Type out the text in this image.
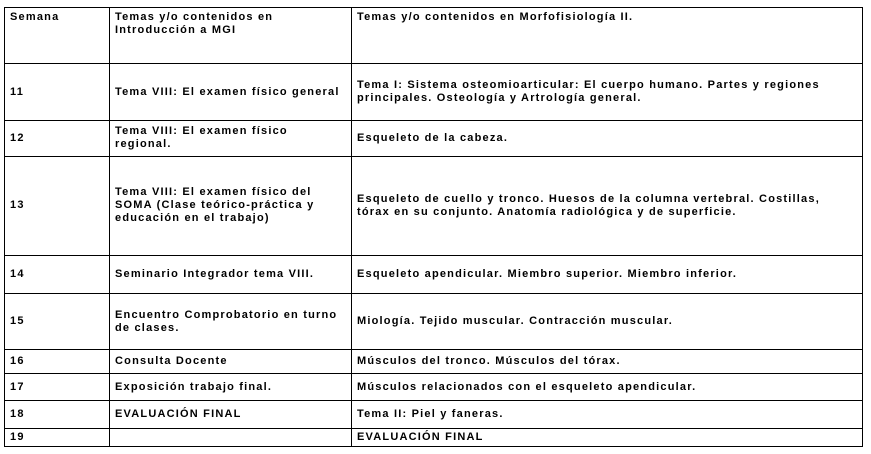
Semana	Temas y/o contenidos en Introducción a MGI	Temas y/o contenidos en Morfofisiología II.
11	Tema VIII: El examen físico general	Tema I: Sistema osteomioarticular: El cuerpo humano. Partes y regiones principales. Osteología y Artrología general.
12	Tema VIII: El examen físico regional.	Esqueleto de la cabeza.
13	Tema VIII: El examen físico del SOMA (Clase teórico-práctica y educación en el trabajo)	Esqueleto de cuello y tronco. Huesos de la columna vertebral. Costillas, tórax en su conjunto. Anatomía radiológica y de superficie.
14	Seminario Integrador tema VIII.	Esqueleto apendicular. Miembro superior. Miembro inferior.
15	Encuentro Comprobatorio en turno de clases.	Miología. Tejido muscular. Contracción muscular.
16	Consulta Docente	Músculos del tronco. Músculos del tórax.
17	Exposición trabajo final.	Músculos relacionados con el esqueleto apendicular.
18	EVALUACIÓN FINAL	Tema II: Piel y faneras.
19		EVALUACIÓN FINAL
